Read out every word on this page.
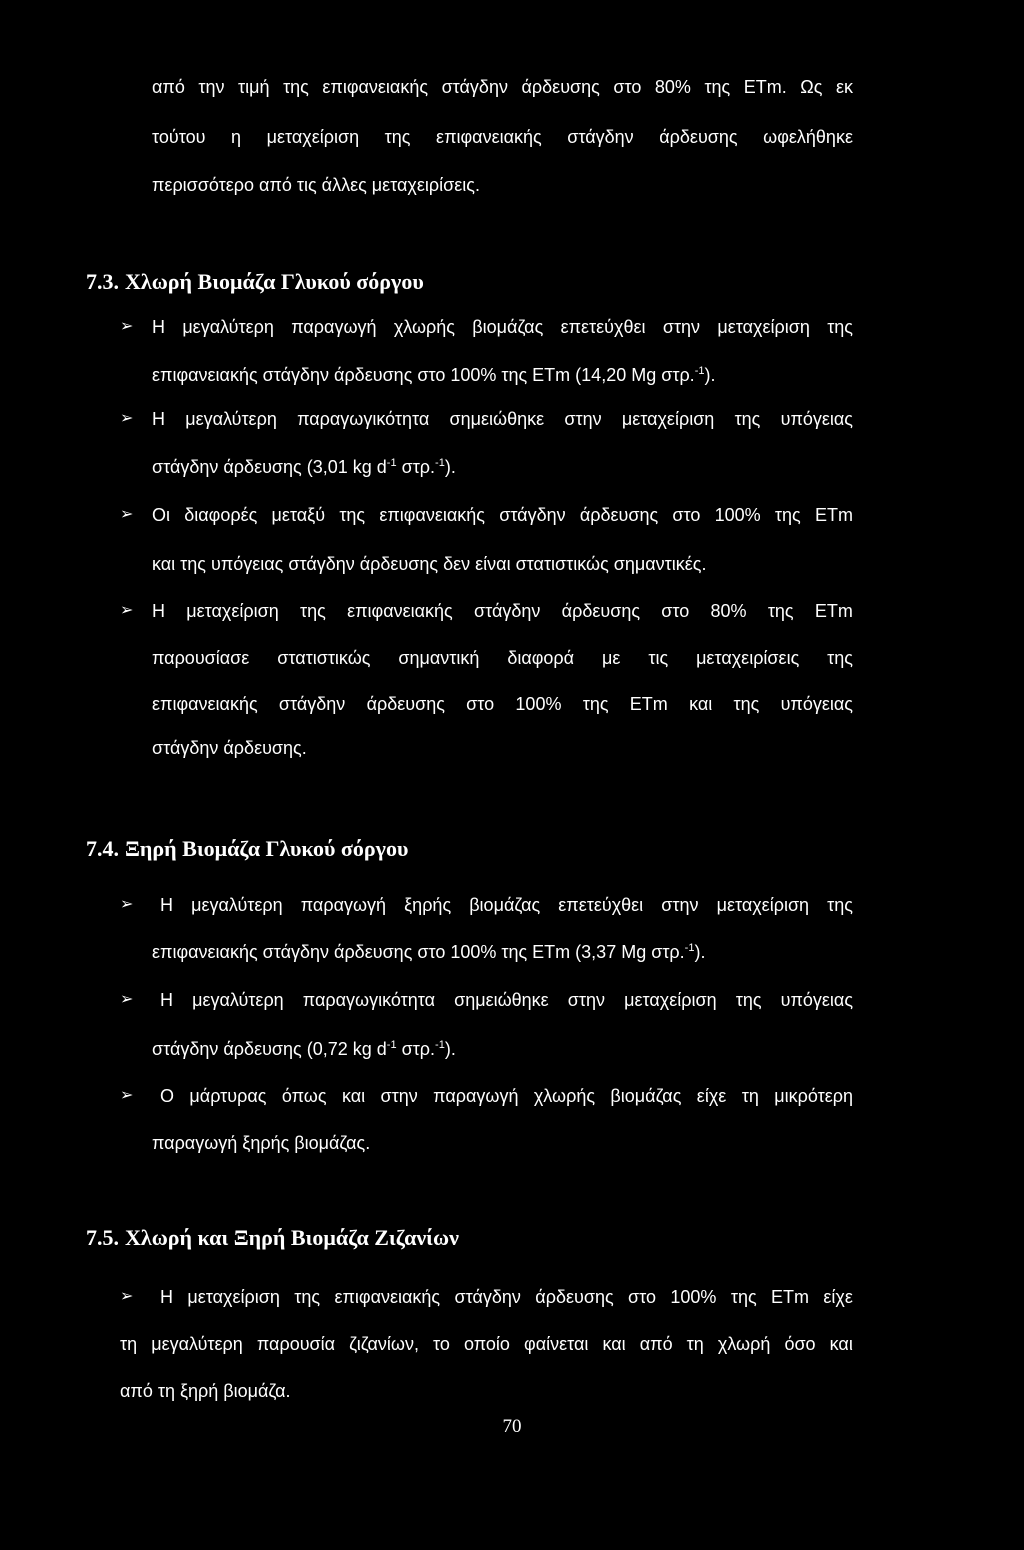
από την τιμή της επιφανειακής στάγδην άρδευσης στο 80% της ETm. Ως εκ
τούτου η μεταχείριση της επιφανειακής στάγδην άρδευσης ωφελήθηκε
περισσότερο από τις άλλες μεταχειρίσεις.
7.3. Χλωρή Βιομάζα Γλυκού σόργου
➢ Η μεγαλύτερη παραγωγή χλωρής βιομάζας επετεύχθει στην μεταχείριση της
επιφανειακής στάγδην άρδευσης στο 100% της ETm (14,20 Mg στρ.$^{-1}$).
➢ Η μεγαλύτερη παραγωγικότητα σημειώθηκε στην μεταχείριση της υπόγειας
στάγδην άρδευσης (3,01 kg $d^{-1}$ στρ.$^{-1}$).
➢ Οι διαφορές μεταξύ της επιφανειακής στάγδην άρδευσης στο 100% της ETm
και της υπόγειας στάγδην άρδευσης δεν είναι στατιστικώς σημαντικές.
➢ Η μεταχείριση της επιφανειακής στάγδην άρδευσης στο 80% της ETm
παρουσίασε στατιστικώς σημαντική διαφορά με τις μεταχειρίσεις της
επιφανειακής στάγδην άρδευσης στο 100% της ETm και της υπόγειας
στάγδην άρδευσης.
7.4. Ξηρή Βιομάζα Γλυκού σόργου
➢ Η μεγαλύτερη παραγωγή ξηρής βιομάζας επετεύχθει στην μεταχείριση της
επιφανειακής στάγδην άρδευσης στο 100% της ETm (3,37 Mg στρ.$^{-1}$).
➢ Η μεγαλύτερη παραγωγικότητα σημειώθηκε στην μεταχείριση της υπόγειας
στάγδην άρδευσης (0,72 kg $d^{-1}$ στρ.$^{-1}$).
➢ Ο μάρτυρας όπως και στην παραγωγή χλωρής βιομάζας είχε τη μικρότερη
παραγωγή ξηρής βιομάζας.
7.5. Χλωρή και Ξηρή Βιομάζα Ζιζανίων
➢ Η μεταχείριση της επιφανειακής στάγδην άρδευσης στο 100% της ETm είχε
τη μεγαλύτερη παρουσία ζιζανίων, το οποίο φαίνεται και από τη χλωρή όσο και
από τη ξηρή βιομάζα.
70
